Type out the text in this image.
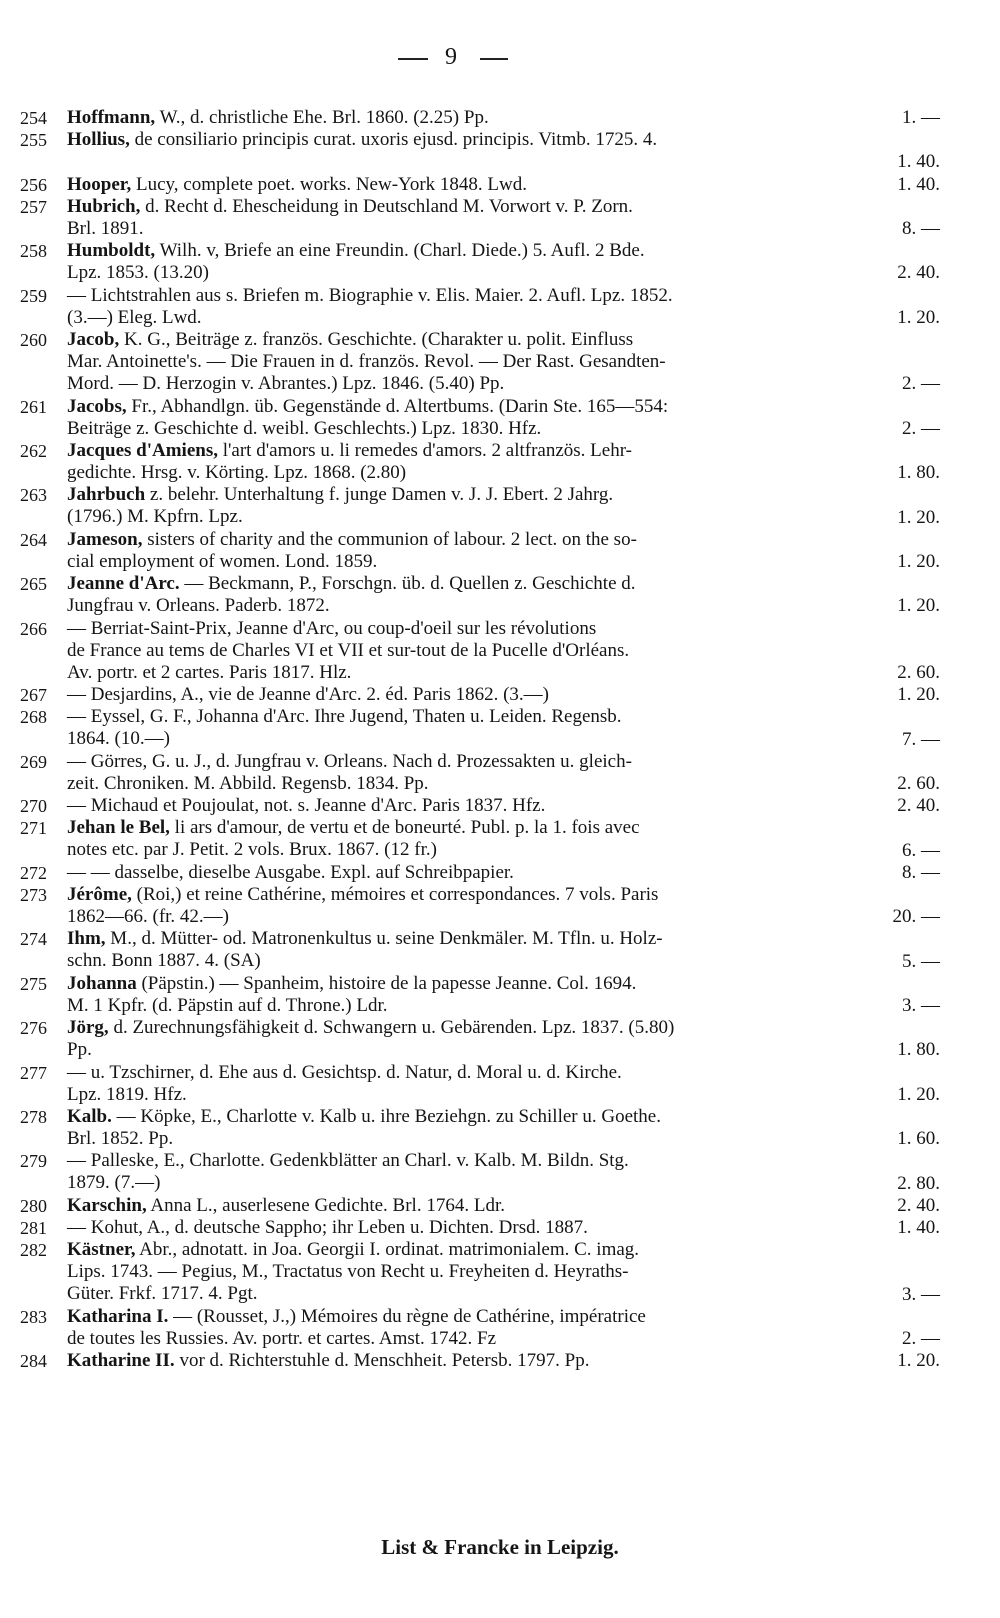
9
254	Hoffmann, W., d. christliche Ehe. Brl. 1860. (2.25) Pp.	1. —
255	Hollius, de consiliario principis curat. uxoris ejusd. principis. Vitmb. 1725. 4.
1. 40.
256	Hooper, Lucy, complete poet. works. New-York 1848. Lwd.	1. 40.
257	Hubrich, d. Recht d. Ehescheidung in Deutschland M. Vorwort v. P. Zorn.
Brl. 1891.	8. —
258	Humboldt, Wilh. v, Briefe an eine Freundin. (Charl. Diede.) 5. Aufl. 2 Bde.
Lpz. 1853. (13.20)	2. 40.
259	— Lichtstrahlen aus s. Briefen m. Biographie v. Elis. Maier. 2. Aufl. Lpz. 1852.
(3.—) Eleg. Lwd.	1. 20.
260	Jacob, K. G., Beiträge z. französ. Geschichte. (Charakter u. polit. Einfluss
Mar. Antoinette's. — Die Frauen in d. französ. Revol. — Der Rast. Gesandten-
Mord. — D. Herzogin v. Abrantes.) Lpz. 1846. (5.40) Pp.	2. —
261	Jacobs, Fr., Abhandlgn. üb. Gegenstände d. Altertbums. (Darin Ste. 165—554:
Beiträge z. Geschichte d. weibl. Geschlechts.) Lpz. 1830. Hfz.	2. —
262	Jacques d'Amiens, l'art d'amors u. li remedes d'amors. 2 altfranzös. Lehr-
gedichte. Hrsg. v. Körting. Lpz. 1868. (2.80)	1. 80.
263	Jahrbuch z. belehr. Unterhaltung f. junge Damen v. J. J. Ebert. 2 Jahrg.
(1796.) M. Kpfrn. Lpz.	1. 20.
264	Jameson, sisters of charity and the communion of labour. 2 lect. on the so-
cial employment of women. Lond. 1859.	1. 20.
265	Jeanne d'Arc. — Beckmann, P., Forschgn. üb. d. Quellen z. Geschichte d.
Jungfrau v. Orleans. Paderb. 1872.	1. 20.
266	— Berriat-Saint-Prix, Jeanne d'Arc, ou coup-d'oeil sur les révolutions
de France au tems de Charles VI et VII et sur-tout de la Pucelle d'Orléans.
Av. portr. et 2 cartes. Paris 1817. Hlz.	2. 60.
267	— Desjardins, A., vie de Jeanne d'Arc. 2. éd. Paris 1862. (3.—)	1. 20.
268	— Eyssel, G. F., Johanna d'Arc. Ihre Jugend, Thaten u. Leiden. Regensb.
1864. (10.—)	7. —
269	— Görres, G. u. J., d. Jungfrau v. Orleans. Nach d. Prozessakten u. gleich-
zeit. Chroniken. M. Abbild. Regensb. 1834. Pp.	2. 60.
270	— Michaud et Poujoulat, not. s. Jeanne d'Arc. Paris 1837. Hfz.	2. 40.
271	Jehan le Bel, li ars d'amour, de vertu et de boneurté. Publ. p. la 1. fois avec
notes etc. par J. Petit. 2 vols. Brux. 1867. (12 fr.)	6. —
272	— — dasselbe, dieselbe Ausgabe. Expl. auf Schreibpapier.	8. —
273	Jérôme, (Roi,) et reine Cathérine, mémoires et correspondances. 7 vols. Paris
1862—66. (fr. 42.—)	20. —
274	Ihm, M., d. Mütter- od. Matronenkultus u. seine Denkmäler. M. Tfln. u. Holz-
schn. Bonn 1887. 4. (SA)	5. —
275	Johanna (Päpstin.) — Spanheim, histoire de la papesse Jeanne. Col. 1694.
M. 1 Kpfr. (d. Päpstin auf d. Throne.) Ldr.	3. —
276	Jörg, d. Zurechnungsfähigkeit d. Schwangern u. Gebärenden. Lpz. 1837. (5.80)
Pp.	1. 80.
277	— u. Tzschirner, d. Ehe aus d. Gesichtsp. d. Natur, d. Moral u. d. Kirche.
Lpz. 1819. Hfz.	1. 20.
278	Kalb. — Köpke, E., Charlotte v. Kalb u. ihre Beziehgn. zu Schiller u. Goethe.
Brl. 1852. Pp.	1. 60.
279	— Palleske, E., Charlotte. Gedenkblätter an Charl. v. Kalb. M. Bildn. Stg.
1879. (7.—)	2. 80.
280	Karschin, Anna L., auserlesene Gedichte. Brl. 1764. Ldr.	2. 40.
281	— Kohut, A., d. deutsche Sappho; ihr Leben u. Dichten. Drsd. 1887.	1. 40.
282	Kästner, Abr., adnotatt. in Joa. Georgii I. ordinat. matrimonialem. C. imag.
Lips. 1743. — Pegius, M., Tractatus von Recht u. Freyheiten d. Heyraths-
Güter. Frkf. 1717. 4. Pgt.	3. —
283	Katharina I. — (Rousset, J.,) Mémoires du règne de Cathérine, impératrice
de toutes les Russies. Av. portr. et cartes. Amst. 1742. Fz	2. —
284	Katharine II. vor d. Richterstuhle d. Menschheit. Petersb. 1797. Pp.	1. 20.
List & Francke in Leipzig.
